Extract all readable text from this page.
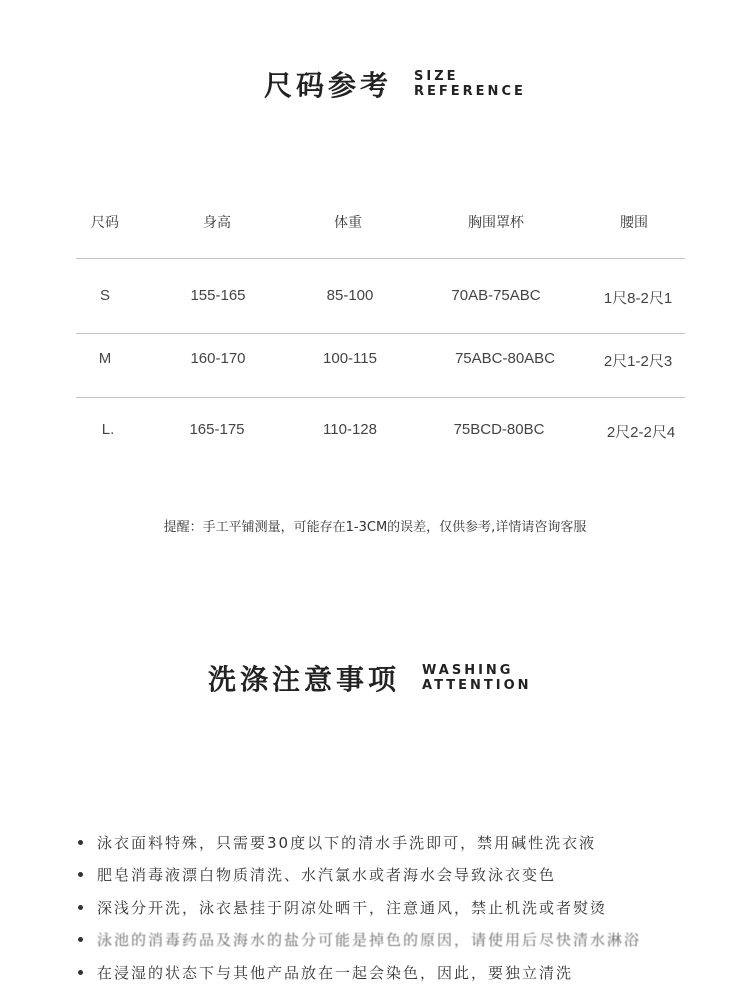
尺码参考 SIZE
REFERENCE
尺码	身高	体重	胸围罩杯	腰围
S	155-165	85-100	70AB-75ABC	1尺8-2尺1
M	160-170	100-115	75ABC-80ABC	2尺1-2尺3
L.	165-175	110-128	75BCD-80BC	2尺2-2尺4
提醒：手工平铺测量，可能存在1-3CM的误差，仅供参考,详情请咨询客服
洗涤注意事项 WASHING
ATTENTION
泳衣面料特殊，只需要30度以下的清水手洗即可，禁用碱性洗衣液
肥皂消毒液漂白物质清洗、水汽氯水或者海水会导致泳衣变色
深浅分开洗，泳衣悬挂于阴凉处晒干，注意通风，禁止机洗或者熨烫
泳池的消毒药品及海水的盐分可能是掉色的原因，请使用后尽快清水淋浴
在浸湿的状态下与其他产品放在一起会染色，因此，要独立清洗
